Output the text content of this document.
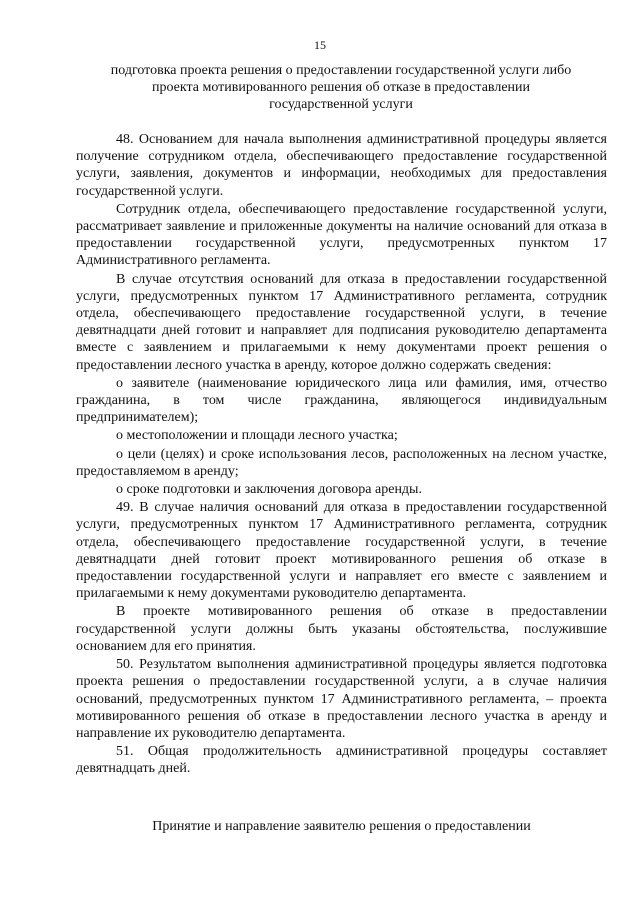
15
подготовка проекта решения о предоставлении государственной услуги либо
проекта мотивированного решения об отказе в предоставлении
государственной услуги

48. Основанием для начала выполнения административной процедуры является получение сотрудником отдела, обеспечивающего предоставление государственной услуги, заявления, документов и информации, необходимых для предоставления государственной услуги.

Сотрудник отдела, обеспечивающего предоставление государственной услуги, рассматривает заявление и приложенные документы на наличие оснований для отказа в предоставлении государственной услуги, предусмотренных пунктом 17 Административного регламента.

В случае отсутствия оснований для отказа в предоставлении государственной услуги, предусмотренных пунктом 17 Административного регламента, сотрудник отдела, обеспечивающего предоставление государственной услуги, в течение девятнадцати дней готовит и направляет для подписания руководителю департамента вместе с заявлением и прилагаемыми к нему документами проект решения о предоставлении лесного участка в аренду, которое должно содержать сведения:

о заявителе (наименование юридического лица или фамилия, имя, отчество гражданина, в том числе гражданина, являющегося индивидуальным предпринимателем);

о местоположении и площади лесного участка;

о цели (целях) и сроке использования лесов, расположенных на лесном участке, предоставляемом в аренду;

о сроке подготовки и заключения договора аренды.

49. В случае наличия оснований для отказа в предоставлении государственной услуги, предусмотренных пунктом 17 Административного регламента, сотрудник отдела, обеспечивающего предоставление государственной услуги, в течение девятнадцати дней готовит проект мотивированного решения об отказе в предоставлении государственной услуги и направляет его вместе с заявлением и прилагаемыми к нему документами руководителю департамента.

В проекте мотивированного решения об отказе в предоставлении государственной услуги должны быть указаны обстоятельства, послужившие основанием для его принятия.

50. Результатом выполнения административной процедуры является подготовка проекта решения о предоставлении государственной услуги, а в случае наличия оснований, предусмотренных пунктом 17 Административного регламента, – проекта мотивированного решения об отказе в предоставлении лесного участка в аренду и направление их руководителю департамента.

51. Общая продолжительность административной процедуры составляет девятнадцать дней.

Принятие и направление заявителю решения о предоставлении
